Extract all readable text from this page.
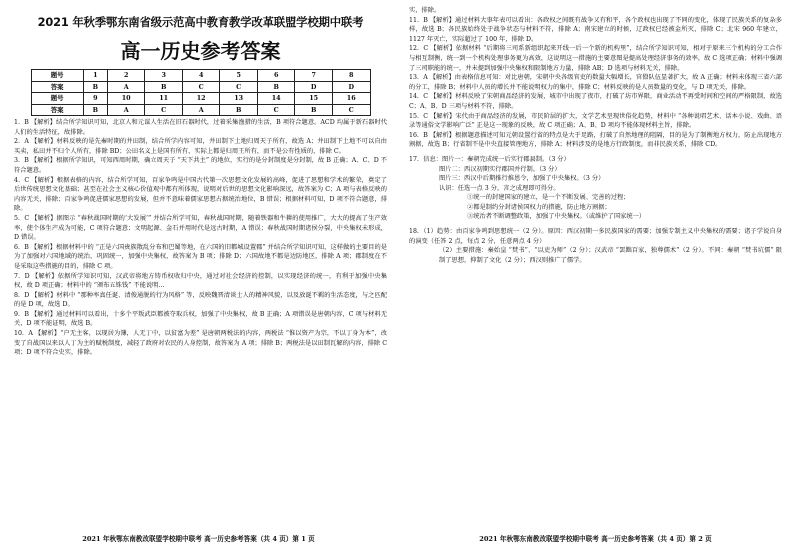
2021 年秋季鄂东南省级示范高中教育教学改革联盟学校期中联考
高一历史参考答案
题号	1	2	3	4	5	6	7	8
答案	B	A	B	C	C	B	D	D
题号	9	10	11	12	13	14	15	16
答案	B	A	C	A	B	C	B	C

1．B 【解析】结合所学知识可知，北京人和元谋人生活在旧石器时代，过着采集渔猎的生活，B 项符合题意。ACD 均属于新石器时代人们的生活特征，故排除。

2．A 【解析】材料反映的是先秦时期的井田制，结合所学内容可知，井田制下土地归周天子所有，故选 A；井田制下土地不可以自由买卖，私田并不归个人所有，排除 BD；公田名义上是国有所有，实际上都是归周王所有，而不是公有性质的，排除 C。

3．B 【解析】根据所学知识，可知西周时期，确立周天子 “天下共主” 的地位，实行的是分封制度是分封制，故 B 正确；A、C、D 不符合题意。

4．C 【解析】根据表格的内容，结合所学可知，百家争鸣是中国古代第一次思想文化发展的高峰，促进了思想和学术的繁荣，奠定了后世传统思想文化基础；甚至在社会主义核心价值观中都有所体现，说明对后世的思想文化影响深远，故答案为 C；A 项与表格反映的内容无关，排除；百家争鸣促进儒家思想的发展，但并不意味着儒家思想占据统治地位，B 错误；根据材料可知，D 项不符合题意，排除。

5．C 【解析】据图示 “春秋战国时期的‘大发展’” 并结合所学可知，春秋战国时期，随着铁器和牛耕的使用推广，大大的提高了生产效率，使个体生产成为可能，C 项符合题意；文明起源、金石并用时代是远古时期，A 错误；春秋战国时期诸侯分裂，中央集权未形成，D 错误。

6．B 【解析】根据材料中的 “正是六国贵族散乱分布和巴蜀等地，在六国的旧都城设置郡” 并结合所学知识可知，这样做的主要目的是为了加强对六国地域的统治，巩固统一，加强中央集权，故答案为 B 项；排除 D；六国故地不都是边防地区，排除 A 项；郡制度在不是采取这些措施的目的，排除 C 项。

7．D 【解析】依据所学知识可知，汉武帝将地方铸币权收归中央，通过对社会经济的控制，以实现经济的统一，有利于加强中央集权，故 D 项正确；材料中的 “颁布五铢钱” 不能说明...

8．D 【解析】材料中 “那种率真任诞、清俊通脱的行为风格” 等，反映魏晋清谈士人的精神风貌，以及放诞不羁的生活态度，与之匹配的是 D 项，故选 D。

9．B 【解析】通过材料可以看出，十多个平叛武臣都被夺取兵权，加强了中央集权，故 B 正确；A 项错误是唐朝内容，C 项与材料无关，D 项不能证明，故选 B。

10．A 【解析】“户无主客，以现居为簿，人无丁中，以贫富为差” 是唐朝两税法的内容，两税法 “惟以资产为宗，不以丁身为本”，改变了自战国以来以人丁为主的赋税制度，减轻了政府对农民的人身控制，故答案为 A 项；排除 B；两税法是以田制瓦解的内容，排除 C 项；D 项不符合史实，排除。

2021 年秋鄂东南教改联盟学校期中联考 高一历史参考答案（共 4 页）第 1 页

实，排除。

11．B 【解析】通过材料大事年表可以看出：各政权之间既有战争又有和平，各个政权也出现了不同的变化，体现了民族关系的复杂多样，故选 B；各民族始终处于战争状态与材料不符，排除 A；南宋建立的时候，辽政权已经被金所灭，排除 C；北宋 960 年建立，1127 年灭亡，实际超过了 100 年，排除 D。

12．C 【解析】依据材料 “后期将三司系新组织起来开线一后一个新的机构里”，结合所学知识可知，相对于原来三个机构的分工合作与相互制衡，统一到一个机构处理事务更为高效，这说明这一措施的主要意图是提高处理经济事务的效率，故 C 选项正确；材料中强调了三司职能的统一，并未提到加强中央集权和限制地方力量，排除 AB；D 选项与材料无关，排除。

13．A 【解析】由表格信息可知：对比唐朝，宋朝中央各级官吏的数量大幅增长，官僚队伍显著扩大，故 A 正确；材料未体现三省六部的分工，排除 B；材料中人员的增长并不能说明权力的集中，排除 C；材料反映的是人员数量的变化，与 D 项无关，排除。

14．C 【解析】材料反映了宋朝商品经济的发展，城市中出现了夜市，打破了坊市界限，商业活动不再受时间和空间的严格限制，故选 C；A、B、D 三项与材料不符，排除。

15．C 【解析】宋代由于商品经济的发展，市民阶层的扩大，文学艺术呈现世俗化趋势，材料中 “各种说唱艺术、话本小说、戏曲、语录等通俗文学影响广泛” 正是这一现象的反映，故 C 项正确；A、B、D 项均不能体现材料主旨，排除。

16．B 【解析】根据题意描述可知元朝设置行省的特点是大于足路，打破了自然地理的阻隔，目的是为了制衡地方权力，防止出现地方割据，故选 B；行省制不是中央直接管理地方，排除 A；材料涉及的是地方行政制度，而非民族关系，排除 CD。

17．信息：图片一：秦朝完成统一后实行郡县制。（3 分）

图片二：西汉初期实行郡国并行制。（3 分）

图片三：西汉中后期推行推恩令，加强了中央集权。（3 分）

认识：任选一点 3 分，言之成理即可得分。

①统一的封建国家的建立，是一个不断发展、完善的过程；

②都是制约分封诸侯国权力的措施，防止地方割据；

③统治者不断调整政策，加强了中央集权。（或维护了国家统一）

18．（1）趋势：由百家争鸣到思想统一（2 分）。原因：西汉初期一多民族国家的需要；加强专制主义中央集权的需要；诸子学说自身的演变（任答 2 点，每点 2 分，任意两点 4 分）

（2）主要措施：秦始皇 “焚书”、“以吏为师”（2 分）；汉武帝 “罢黜百家，独尊儒术”（2 分）。不同：秦朝 “焚书坑儒” 限制了思想，抑制了文化（2 分）；西汉则推广了儒学。

2021 年秋鄂东南教改联盟学校期中联考 高一历史参考答案（共 4 页）第 2 页
